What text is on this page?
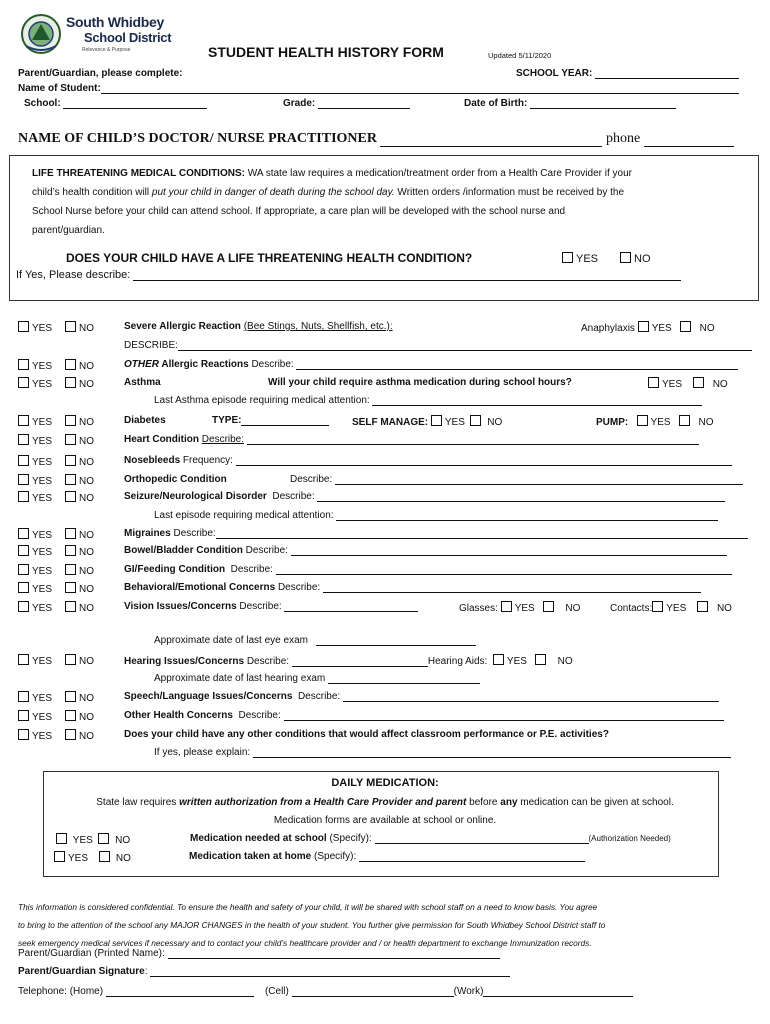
South Whidbey
School District
Relevance & Purpose	STUDENT HEALTH HISTORY FORM	Updated 5/11/2020
Parent/Guardian, please complete:	SCHOOL YEAR:
Name of Student:
School:	Grade:	Date of Birth:
NAME OF CHILD’S DOCTOR/ NURSE PRACTITIONER	phone
LIFE THREATENING MEDICAL CONDITIONS: WA state law requires a medication/treatment order from a Health Care Provider if your
child’s health condition will put your child in danger of death during the school day. Written orders /information must be received by the
School Nurse before your child can attend school. If appropriate, a care plan will be developed with the school nurse and
parent/guardian.
DOES YOUR CHILD HAVE A LIFE THREATENING HEALTH CONDITION?	YES	NO
If Yes, Please describe:
YES	NO	Severe Allergic Reaction (Bee Stings, Nuts, Shellfish, etc.):	Anaphylaxis YES	NO
DESCRIBE:
YES	NO	OTHER Allergic Reactions Describe:
YES	NO	Asthma	Will your child require asthma medication during school hours?	YES	NO
Last Asthma episode requiring medical attention:
YES	NO	Diabetes	TYPE:	SELF MANAGE: YES NO	PUMP: YES	NO
YES	NO	Heart Condition Describe:
YES	NO	Nosebleeds Frequency:
YES	NO	Orthopedic Condition	Describe:
YES	NO	Seizure/Neurological Disorder Describe:
Last episode requiring medical attention:
YES	NO	Migraines Describe:
YES	NO	Bowel/Bladder Condition Describe:
YES	NO	GI/Feeding Condition Describe:
YES	NO	Behavioral/Emotional Concerns Describe:
YES	NO	Vision Issues/Concerns Describe:	Glasses: YES	NO	Contacts: YES	NO
Approximate date of last eye exam
YES	NO	Hearing Issues/Concerns Describe:	Hearing Aids: YES	NO
Approximate date of last hearing exam
YES	NO	Speech/Language Issues/Concerns Describe:
YES	NO	Other Health Concerns Describe:
YES	NO	Does your child have any other conditions that would affect classroom performance or P.E. activities?
If yes, please explain:
DAILY MEDICATION:
State law requires written authorization from a Health Care Provider and parent before any medication can be given at school.
Medication forms are available at school or online.
YES NO	Medication needed at school (Specify):	(Authorization Needed)
YES	NO	Medication taken at home (Specify):
This information is considered confidential. To ensure the health and safety of your child, it will be shared with school staff on a need to know basis. You agree
to bring to the attention of the school any MAJOR CHANGES in the health of your student. You further give permission for South Whidbey School District staff to
seek emergency medical services if necessary and to contact your child’s healthcare provider and / or health department to exchange Immunization records.
Parent/Guardian (Printed Name):
Parent/Guardian Signature:
Telephone: (Home)	(Cell)	(Work)
